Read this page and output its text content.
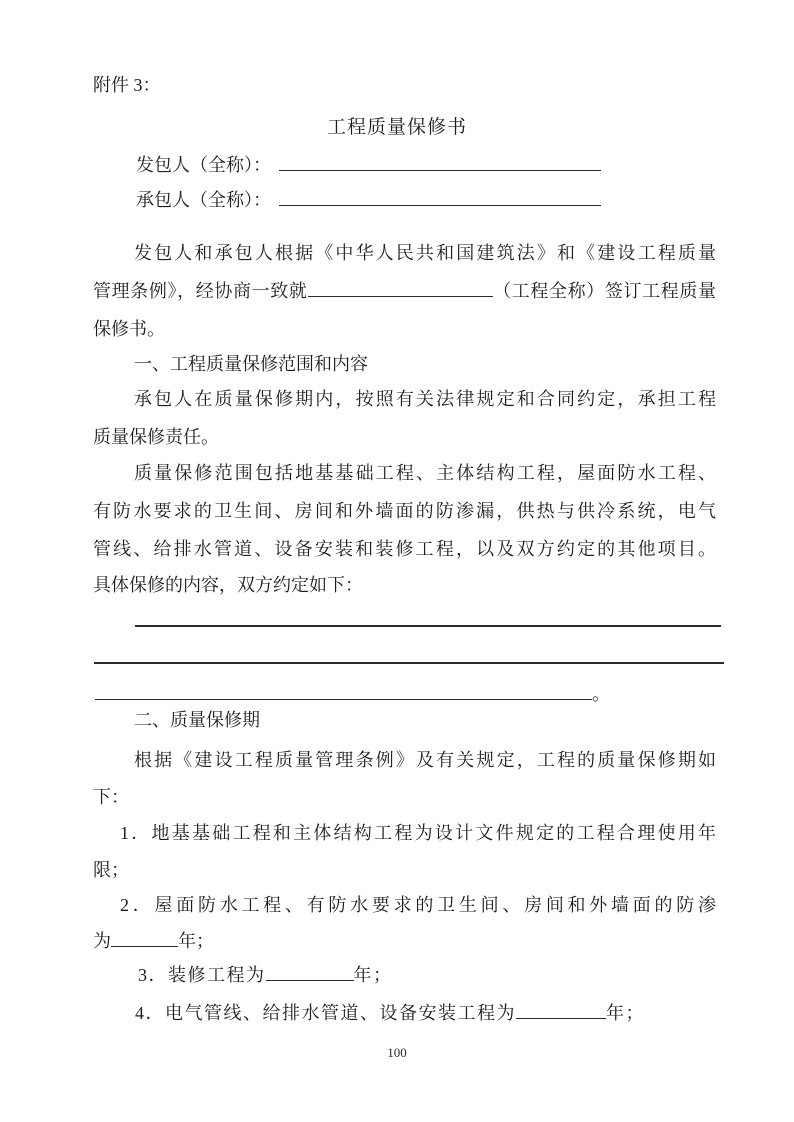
附件 3：
工程质量保修书
发包人（全称）：
承包人（全称）：
发包人和承包人根据《中华人民共和国建筑法》和《建设工程质量
管理条例》，经协商一致就	（工程全称）签订工程质量
保修书。
一、工程质量保修范围和内容
承包人在质量保修期内，按照有关法律规定和合同约定，承担工程
质量保修责任。
质量保修范围包括地基基础工程、主体结构工程，屋面防水工程、
有防水要求的卫生间、房间和外墙面的防渗漏，供热与供冷系统，电气
管线、给排水管道、设备安装和装修工程，以及双方约定的其他项目。
具体保修的内容，双方约定如下：
。
二、质量保修期
根据《建设工程质量管理条例》及有关规定，工程的质量保修期如
下：
1．地基基础工程和主体结构工程为设计文件规定的工程合理使用年
限；
2．屋面防水工程、有防水要求的卫生间、房间和外墙面的防渗
为	年；
3．装修工程为	年；
4．电气管线、给排水管道、设备安装工程为	年；
100
